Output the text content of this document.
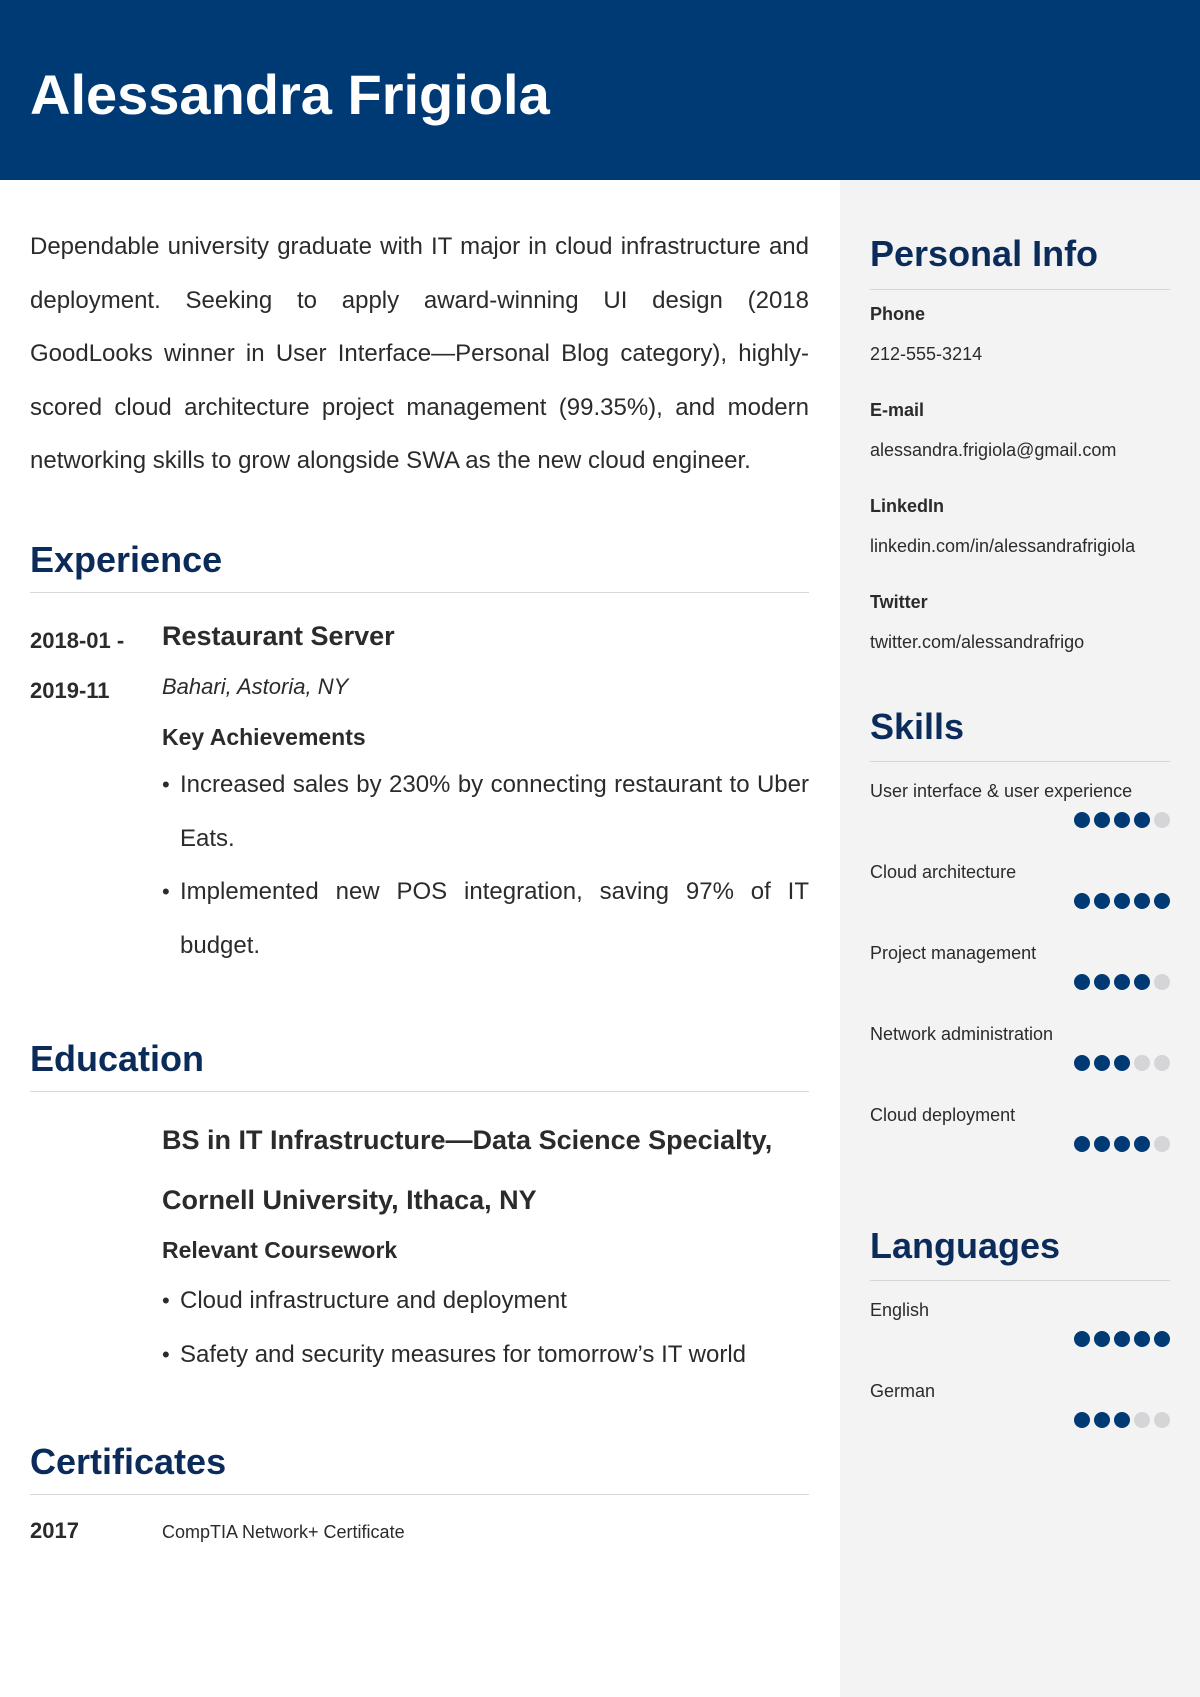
Alessandra Frigiola

Dependable university graduate with IT major in cloud infrastructure and deployment. Seeking to apply award-winning UI design (2018 GoodLooks winner in User Interface—Personal Blog category), highly-scored cloud architecture project management (99.35%), and modern networking skills to grow alongside SWA as the new cloud engineer.

Experience
2018-01 -
2019-11
Restaurant Server
Bahari, Astoria, NY
Key Achievements
• Increased sales by 230% by connecting restaurant to Uber Eats.
• Implemented new POS integration, saving 97% of IT budget.
Education
BS in IT Infrastructure—Data Science Specialty, Cornell University, Ithaca, NY
Relevant Coursework
• Cloud infrastructure and deployment
• Safety and security measures for tomorrow’s IT world
Certificates
2017	CompTIA Network+ Certificate
Personal Info
Phone
212-555-3214
E-mail
alessandra.frigiola@gmail.com
LinkedIn
linkedin.com/in/alessandrafrigiola
Twitter
twitter.com/alessandrafrigo
Skills
User interface & user experience
Cloud architecture
Project management
Network administration
Cloud deployment
Languages
English
German
